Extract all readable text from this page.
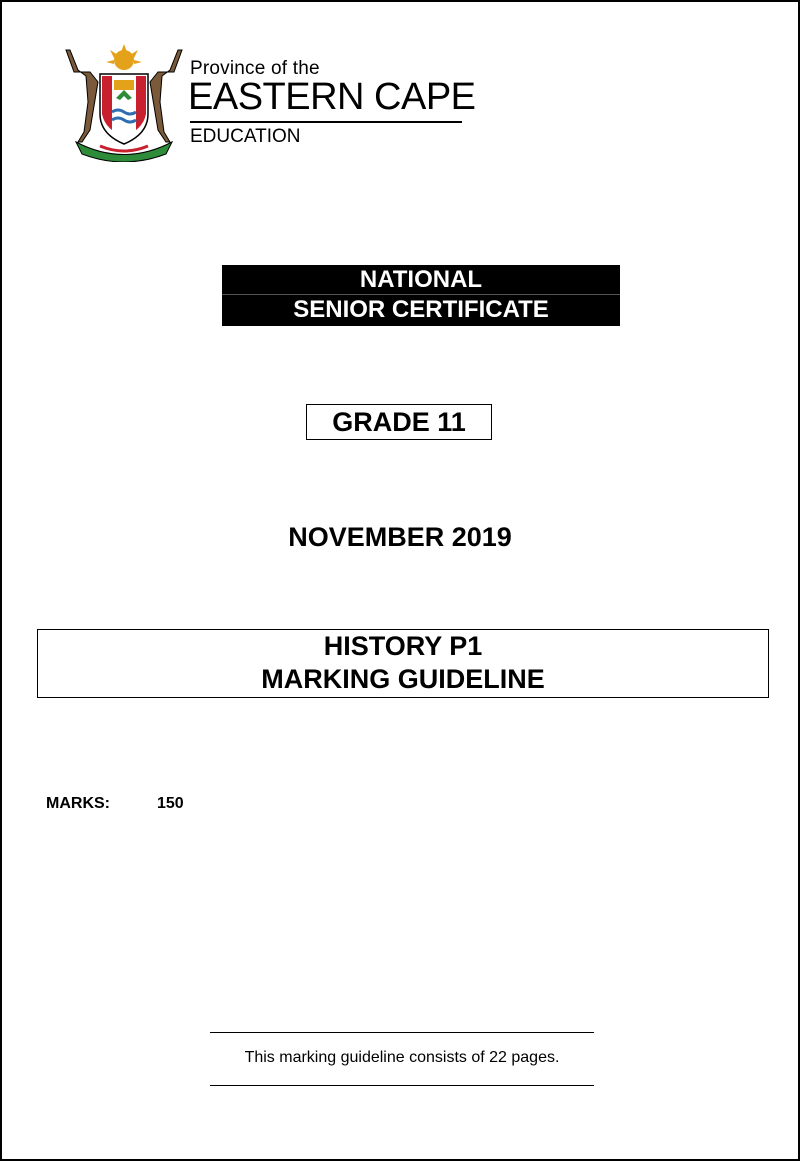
Province of the
EASTERN CAPE
EDUCATION
NATIONAL
SENIOR CERTIFICATE
GRADE 11
NOVEMBER 2019
HISTORY P1
MARKING GUIDELINE
MARKS:	150
This marking guideline consists of 22 pages.
